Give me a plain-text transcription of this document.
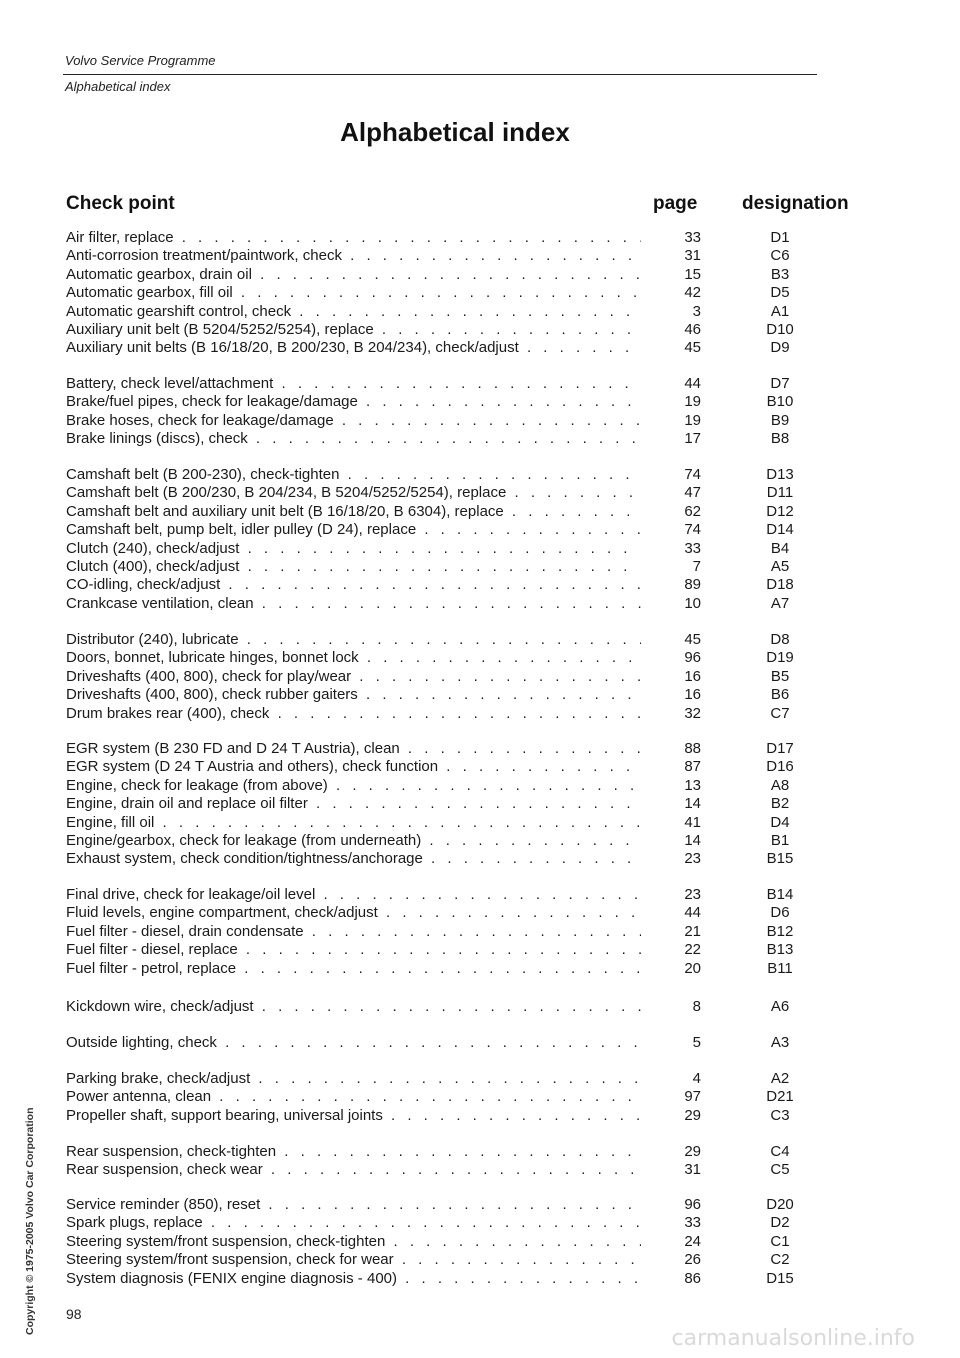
Volvo Service Programme
Alphabetical index
Alphabetical index
Check point	page designation
Air filter, replace . . .	33	D1
Anti-corrosion treatment/paintwork, check . . .	31	C6
Automatic gearbox, drain oil . . .	15	B3
Automatic gearbox, fill oil . . .	42	D5
Automatic gearshift control, check . . .	3	A1
Auxiliary unit belt (B 5204/5252/5254), replace . . .	46	D10
Auxiliary unit belts (B 16/18/20, B 200/230, B 204/234), check/adjust . . .	45	D9
Battery, check level/attachment . . .	44	D7
Brake/fuel pipes, check for leakage/damage . . .	19	B10
Brake hoses, check for leakage/damage . . .	19	B9
Brake linings (discs), check . . .	17	B8
Camshaft belt (B 200-230), check-tighten . . .	74	D13
Camshaft belt (B 200/230, B 204/234, B 5204/5252/5254), replace . . .	47	D11
Camshaft belt and auxiliary unit belt (B 16/18/20, B 6304), replace . . .	62	D12
Camshaft belt, pump belt, idler pulley (D 24), replace . . .	74	D14
Clutch (240), check/adjust . . .	33	B4
Clutch (400), check/adjust . . .	7	A5
CO-idling, check/adjust . . .	89	D18
Crankcase ventilation, clean . . .	10	A7
Distributor (240), lubricate . . .	45	D8
Doors, bonnet, lubricate hinges, bonnet lock . . .	96	D19
Driveshafts (400, 800), check for play/wear . . .	16	B5
Driveshafts (400, 800), check rubber gaiters . . .	16	B6
Drum brakes rear (400), check . . .	32	C7
EGR system (B 230 FD and D 24 T Austria), clean . . .	88	D17
EGR system (D 24 T Austria and others), check function . . .	87	D16
Engine, check for leakage (from above) . . .	13	A8
Engine, drain oil and replace oil filter . . .	14	B2
Engine, fill oil . . .	41	D4
Engine/gearbox, check for leakage (from underneath) . . .	14	B1
Exhaust system, check condition/tightness/anchorage . . .	23	B15
Final drive, check for leakage/oil level . . .	23	B14
Fluid levels, engine compartment, check/adjust . . .	44	D6
Fuel filter - diesel, drain condensate . . .	21	B12
Fuel filter - diesel, replace . . .	22	B13
Fuel filter - petrol, replace . . .	20	B11
Kickdown wire, check/adjust . . .	8	A6
Outside lighting, check . . .	5	A3
Parking brake, check/adjust . . .	4	A2
Power antenna, clean . . .	97	D21
Propeller shaft, support bearing, universal joints . . .	29	C3
Rear suspension, check-tighten . . .	29	C4
Rear suspension, check wear . . .	31	C5
Service reminder (850), reset . . .	96	D20
Spark plugs, replace . . .	33	D2
Steering system/front suspension, check-tighten . . .	24	C1
Steering system/front suspension, check for wear . . .	26	C2
System diagnosis (FENIX engine diagnosis - 400) . . .	86	D15
98
Copyright © 1975-2005 Volvo Car Corporation
carmanualsonline.info
